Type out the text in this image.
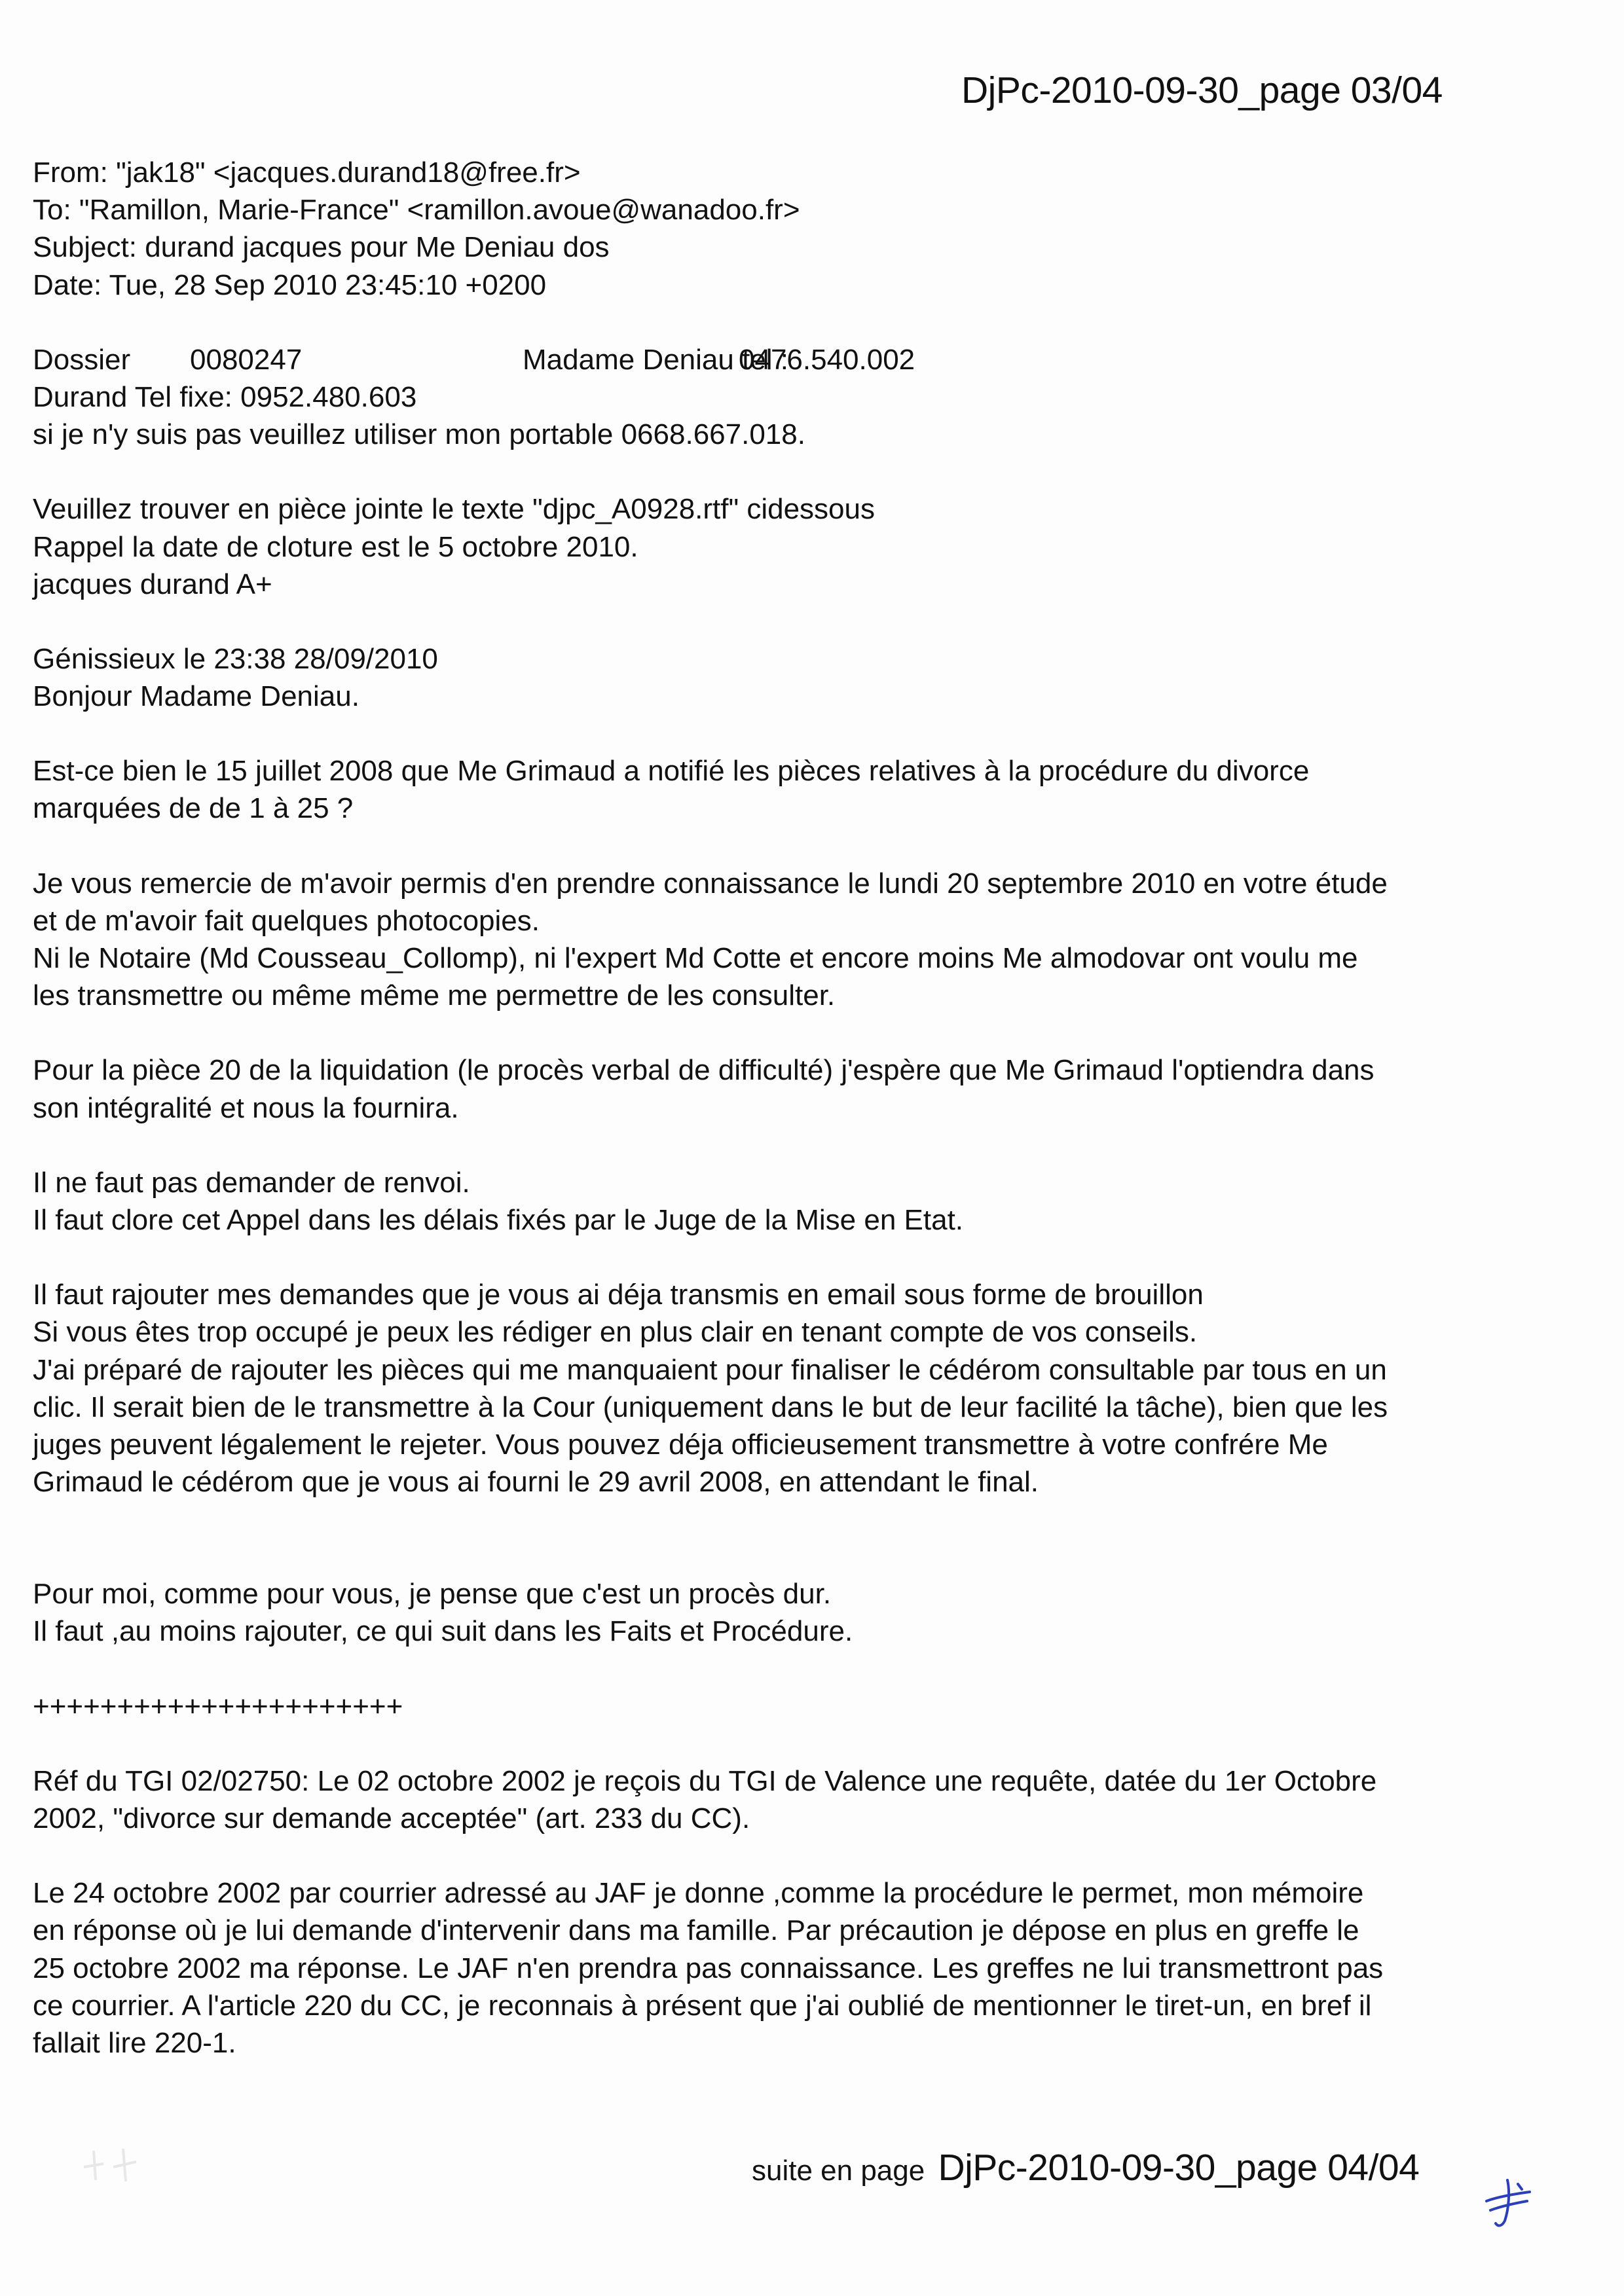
DjPc-2010-09-30_page 03/04
From: "jak18" <jacques.durand18@free.fr>
To: "Ramillon, Marie-France" <ramillon.avoue@wanadoo.fr>
Subject: durand jacques pour Me Deniau dos
Date: Tue, 28 Sep 2010 23:45:10 +0200
Dossier	0080247	Madame Deniau tel :
0476.540.002
Durand Tel fixe: 0952.480.603
si je n'y suis pas veuillez utiliser mon portable 0668.667.018.
Veuillez trouver en pièce jointe le texte "djpc_A0928.rtf" cidessous
Rappel la date de cloture est le 5 octobre 2010.
jacques durand A+
Génissieux le 23:38 28/09/2010
Bonjour Madame Deniau.
Est-ce bien le 15 juillet 2008 que Me Grimaud a notifié les pièces relatives à la procédure du divorce
marquées de de 1 à 25 ?
Je vous remercie de m'avoir permis d'en prendre connaissance le lundi 20 septembre 2010 en votre étude
et de m'avoir fait quelques photocopies.
Ni le Notaire (Md Cousseau_Collomp), ni l'expert Md Cotte et encore moins Me almodovar ont voulu me
les transmettre ou même même me permettre de les consulter.
Pour la pièce 20 de la liquidation (le procès verbal de difficulté) j'espère que Me Grimaud l'optiendra dans
son intégralité et nous la fournira.
Il ne faut pas demander de renvoi.
Il faut clore cet Appel dans les délais fixés par le Juge de la Mise en Etat.
Il faut rajouter mes demandes que je vous ai déja transmis en email sous forme de brouillon
Si vous êtes trop occupé je peux les rédiger en plus clair en tenant compte de vos conseils.
J'ai préparé de rajouter les pièces qui me manquaient pour finaliser le cédérom consultable par tous en un
clic. Il serait bien de le transmettre à la Cour (uniquement dans le but de leur facilité la tâche), bien que les
juges peuvent légalement le rejeter. Vous pouvez déja officieusement transmettre à votre confrére Me
Grimaud le cédérom que je vous ai fourni le 29 avril 2008, en attendant le final.
Pour moi, comme pour vous, je pense que c'est un procès dur.
Il faut ,au moins rajouter, ce qui suit dans les Faits et Procédure.
++++++++++++++++++++++
Réf du TGI 02/02750: Le 02 octobre 2002 je reçois du TGI de Valence une requête, datée du 1er Octobre
2002, "divorce sur demande acceptée" (art. 233 du CC).
Le 24 octobre 2002 par courrier adressé au JAF je donne ,comme la procédure le permet, mon mémoire
en réponse où je lui demande d'intervenir dans ma famille. Par précaution je dépose en plus en greffe le
25 octobre 2002 ma réponse. Le JAF n'en prendra pas connaissance. Les greffes ne lui transmettront pas
ce courrier. A l'article 220 du CC, je reconnais à présent que j'ai oublié de mentionner le tiret-un, en bref il
fallait lire 220-1.
suite en page DjPc-2010-09-30_page 04/04
